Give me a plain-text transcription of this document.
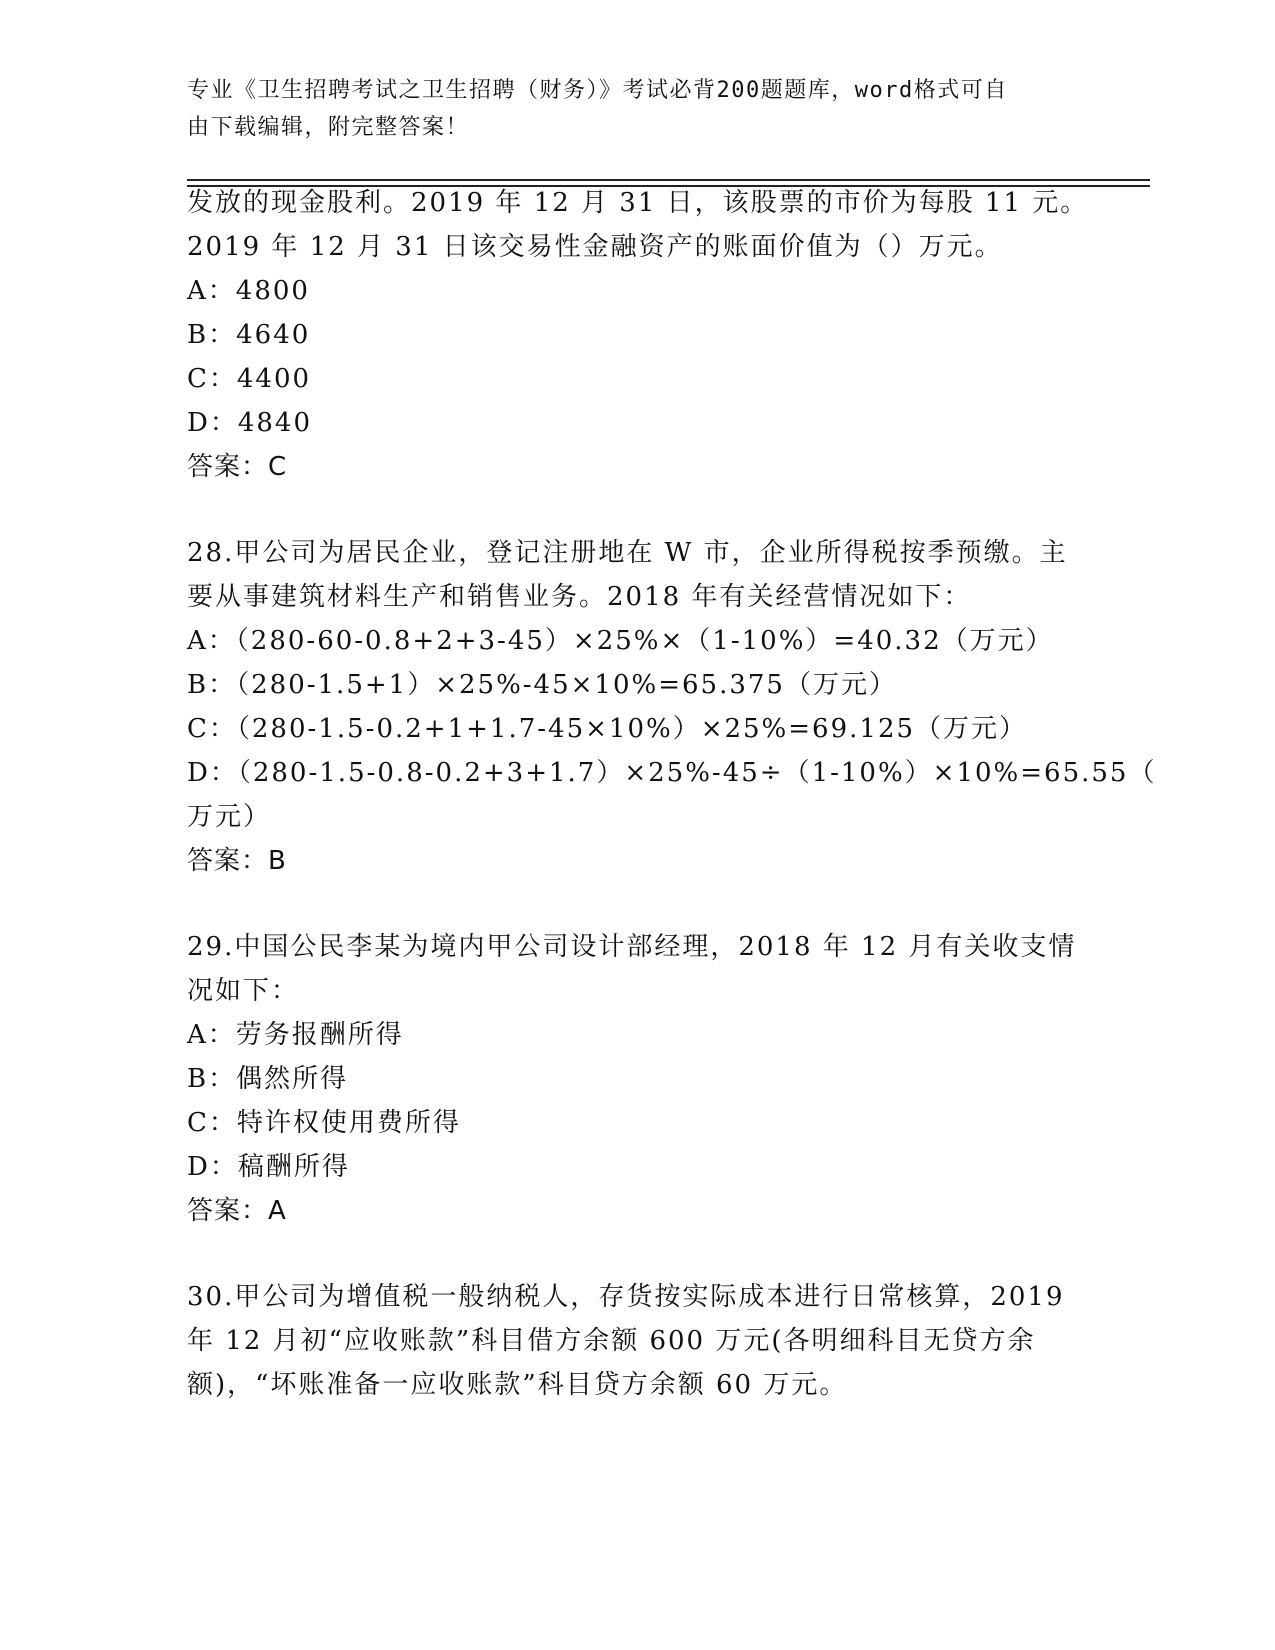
专业《卫生招聘考试之卫生招聘（财务）》考试必背200题题库，word格式可自
由下载编辑，附完整答案！
发放的现金股利。2019 年 12 月 31 日，该股票的市价为每股 11 元。
2019 年 12 月 31 日该交易性金融资产的账面价值为（）万元。
A：4800
B：4640
C：4400
D：4840
答案：C
28.甲公司为居民企业，登记注册地在 W 市，企业所得税按季预缴。主
要从事建筑材料生产和销售业务。2018 年有关经营情况如下：
A：（280-60-0.8+2+3-45）×25%×（1-10%）=40.32（万元）
B：（280-1.5+1）×25%-45×10%=65.375（万元）
C：（280-1.5-0.2+1+1.7-45×10%）×25%=69.125（万元）
D：（280-1.5-0.8-0.2+3+1.7）×25%-45÷（1-10%）×10%=65.55（
万元）
答案：B
29.中国公民李某为境内甲公司设计部经理，2018 年 12 月有关收支情
况如下：
A：劳务报酬所得
B：偶然所得
C：特许权使用费所得
D：稿酬所得
答案：A
30.甲公司为增值税一般纳税人，存货按实际成本进行日常核算，2019
年 12 月初“应收账款”科目借方余额 600 万元(各明细科目无贷方余
额)，“坏账准备一应收账款”科目贷方余额 60 万元。
